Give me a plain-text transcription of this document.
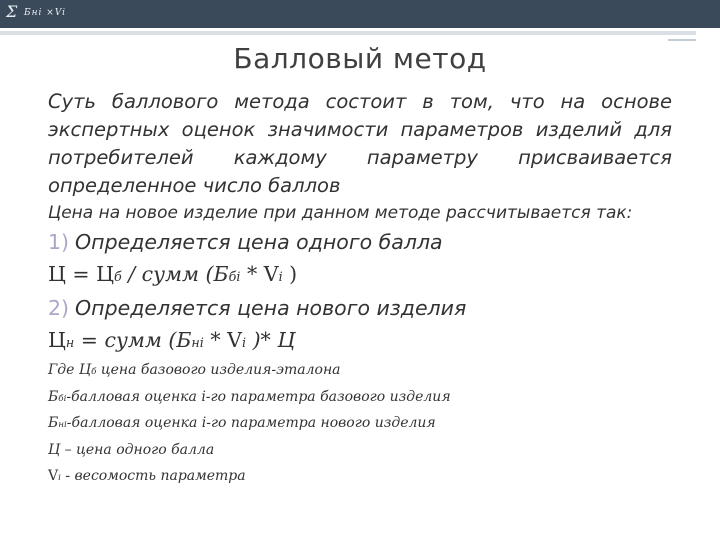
Σ Бнi ×Vi
Балловый метод

Суть баллового метода состоит в том, что на основе экспертных оценок значимости параметров изделий для потребителей каждому параметру присваивается определенное число баллов

Цена на новое изделие при данном методе рассчитывается так:

1) Определяется цена одного балла

Ц = Цб / сумм (Ббi * Vi )

2) Определяется цена нового изделия

Цн = сумм (Бнi * Vi )* Ц

Где Цб цена базового изделия-эталона

Ббi-балловая оценка i-го параметра базового изделия

Бнi-балловая оценка i-го параметра нового изделия

Ц – цена одного балла

Vi - весомость параметра
